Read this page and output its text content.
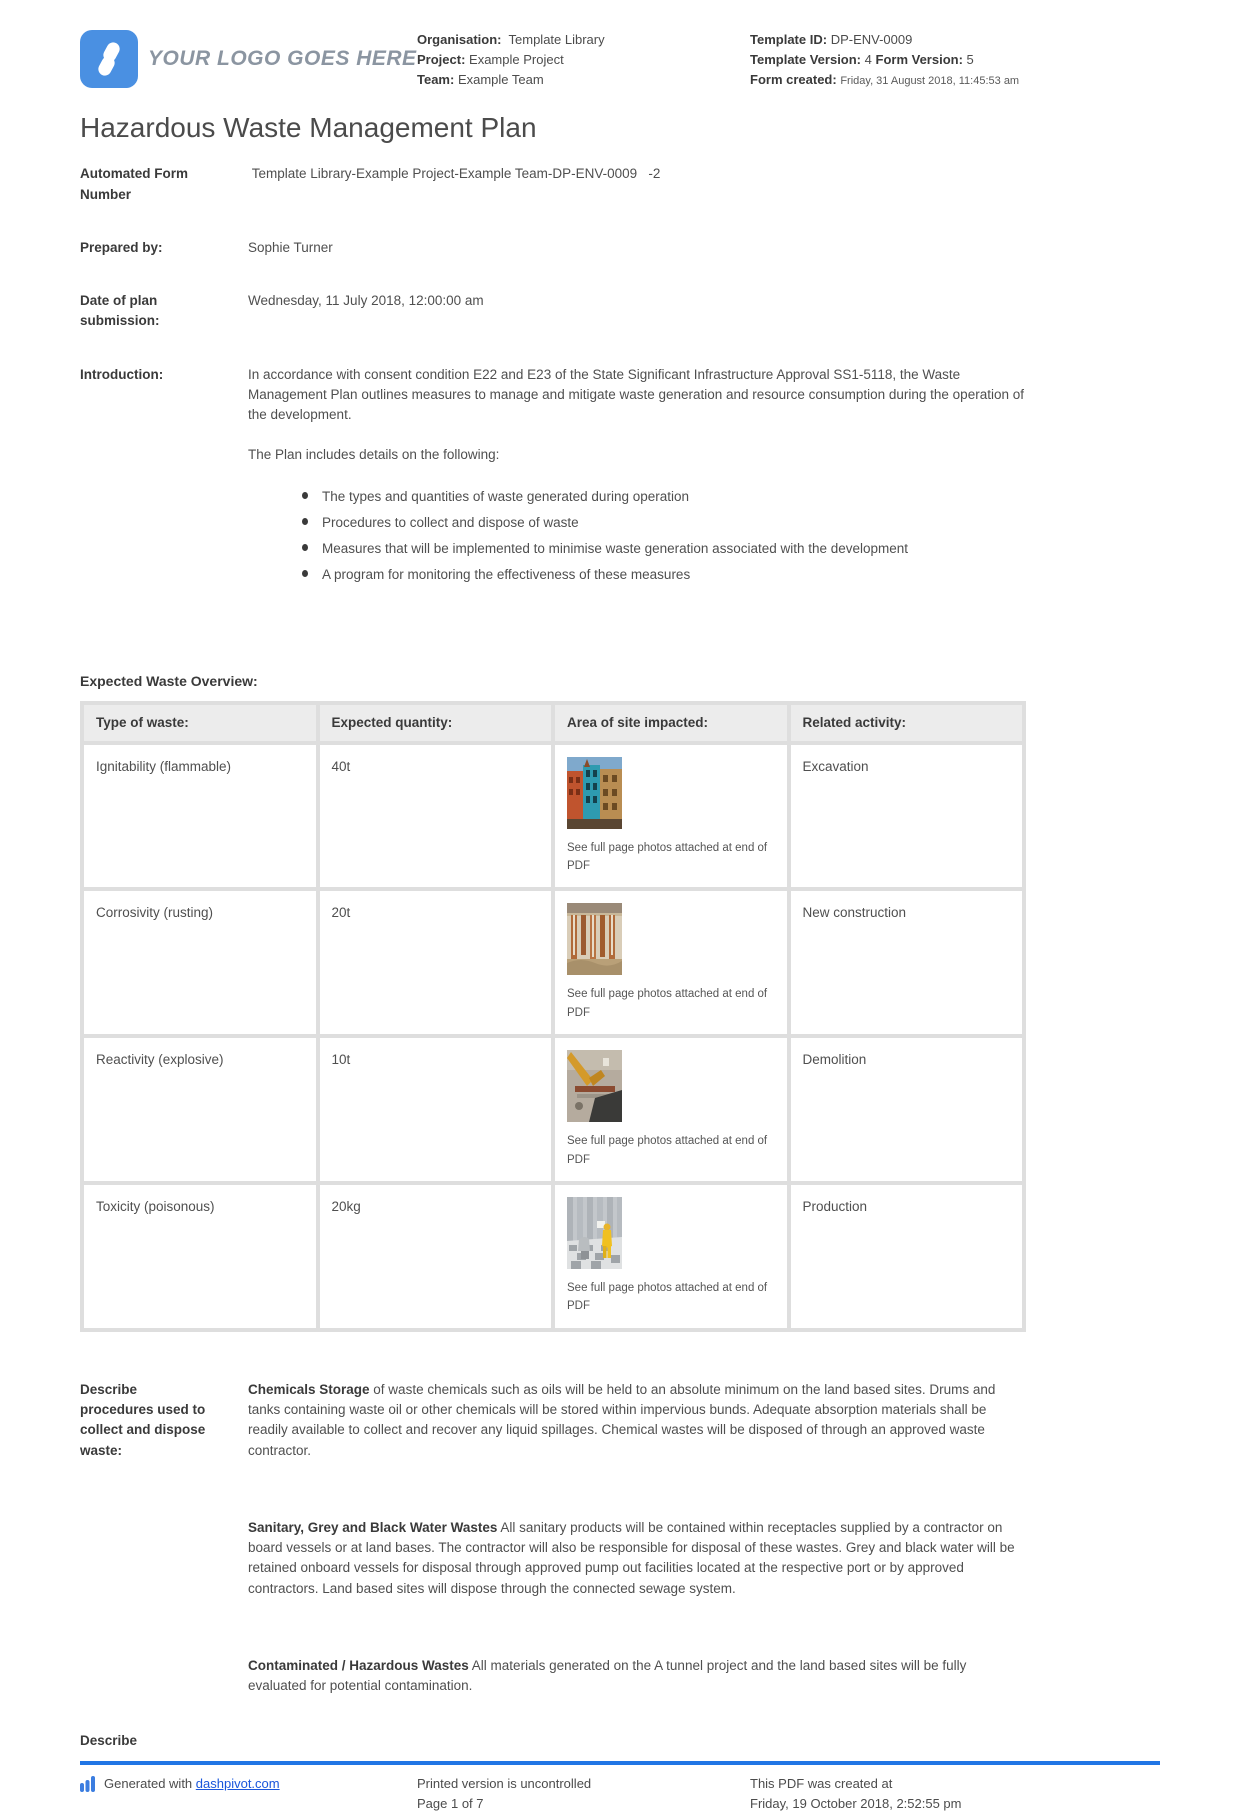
YOUR LOGO GOES HERE
Organisation: Template Library
Project: Example Project
Team: Example Team
Template ID: DP-ENV-0009
Template Version: 4 Form Version: 5
Form created: Friday, 31 August 2018, 11:45:53 am
Hazardous Waste Management Plan
Automated Form Number
Template Library-Example Project-Example Team-DP-ENV-0009   -2
Prepared by:	Sophie Turner
Date of plan submission:
Wednesday, 11 July 2018, 12:00:00 am
Introduction:	In accordance with consent condition E22 and E23 of the State Significant Infrastructure Approval SS1-5118, the Waste Management Plan outlines measures to manage and mitigate waste generation and resource consumption during the operation of the development.

The Plan includes details on the following:

The types and quantities of waste generated during operation
Procedures to collect and dispose of waste
Measures that will be implemented to minimise waste generation associated with the development
A program for monitoring the effectiveness of these measures
Expected Waste Overview:
Type of waste:	Expected quantity:	Area of site impacted:	Related activity:
Ignitability (flammable)	40t	See full page photos attached at end of PDF	Excavation
Corrosivity (rusting)	20t	See full page photos attached at end of PDF	New construction
Reactivity (explosive)	10t	See full page photos attached at end of PDF	Demolition
Toxicity (poisonous)	20kg	See full page photos attached at end of PDF	Production
Describe procedures used to collect and dispose waste:

Chemicals Storage of waste chemicals such as oils will be held to an absolute minimum on the land based sites. Drums and tanks containing waste oil or other chemicals will be stored within impervious bunds. Adequate absorption materials shall be readily available to collect and recover any liquid spillages. Chemical wastes will be disposed of through an approved waste contractor.

Sanitary, Grey and Black Water Wastes All sanitary products will be contained within receptacles supplied by a contractor on board vessels or at land bases. The contractor will also be responsible for disposal of these wastes. Grey and black water will be retained onboard vessels for disposal through approved pump out facilities located at the respective port or by approved contractors. Land based sites will dispose through the connected sewage system.

Contaminated / Hazardous Wastes All materials generated on the A tunnel project and the land based sites will be fully evaluated for potential contamination.

Describe
Generated with dashpivot.com	Printed version is uncontrolled
Page 1 of 7
This PDF was created at
Friday, 19 October 2018, 2:52:55 pm
